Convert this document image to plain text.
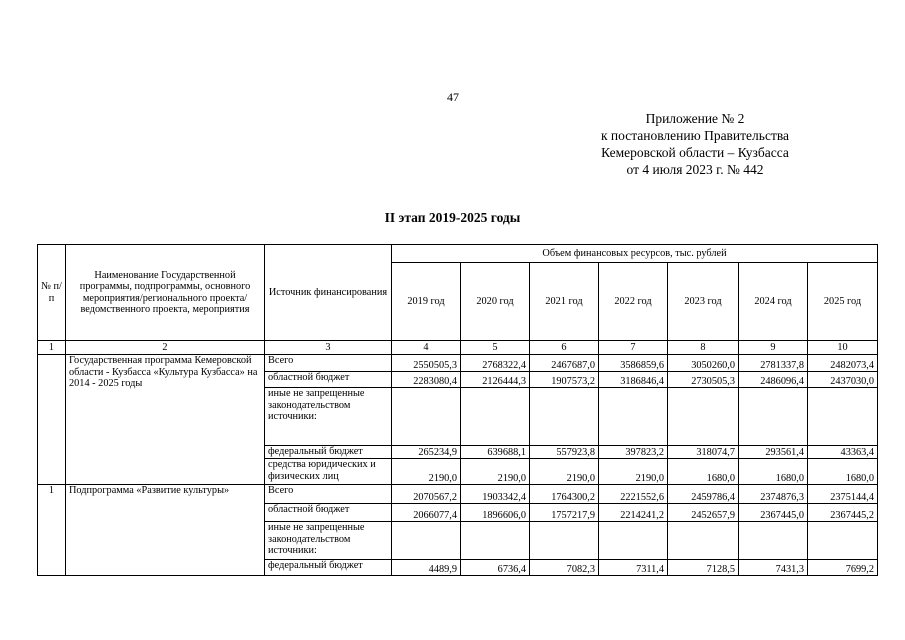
47
Приложение № 2
к постановлению Правительства
Кемеровской области – Кузбасса
от 4 июля 2023 г. № 442
II этап 2019-2025 годы
№ п/п	Наименование Государственной программы, подпрограммы, основного мероприятия/регионального проекта/ ведомственного проекта, мероприятия	Источник финансирования	Объем финансовых ресурсов, тыс. рублей						
			2019 год	2020 год	2021 год	2022 год	2023 год	2024 год	2025 год
1	2	3	4	5	6	7	8	9	10
	Государственная программа Кемеровской области - Кузбасса «Культура Кузбасса» на 2014 - 2025 годы	Всего	2550505,3	2768322,4	2467687,0	3586859,6	3050260,0	2781337,8	2482073,4
		областной бюджет	2283080,4	2126444,3	1907573,2	3186846,4	2730505,3	2486096,4	2437030,0
		иные не запрещенные законодательством источники:							
		федеральный бюджет	265234,9	639688,1	557923,8	397823,2	318074,7	293561,4	43363,4
		средства юридических и физических лиц	2190,0	2190,0	2190,0	2190,0	1680,0	1680,0	1680,0
1	Подпрограмма «Развитие культуры»	Всего	2070567,2	1903342,4	1764300,2	2221552,6	2459786,4	2374876,3	2375144,4
		областной бюджет	2066077,4	1896606,0	1757217,9	2214241,2	2452657,9	2367445,0	2367445,2
		иные не запрещенные законодательством источники:							
		федеральный бюджет	4489,9	6736,4	7082,3	7311,4	7128,5	7431,3	7699,2
